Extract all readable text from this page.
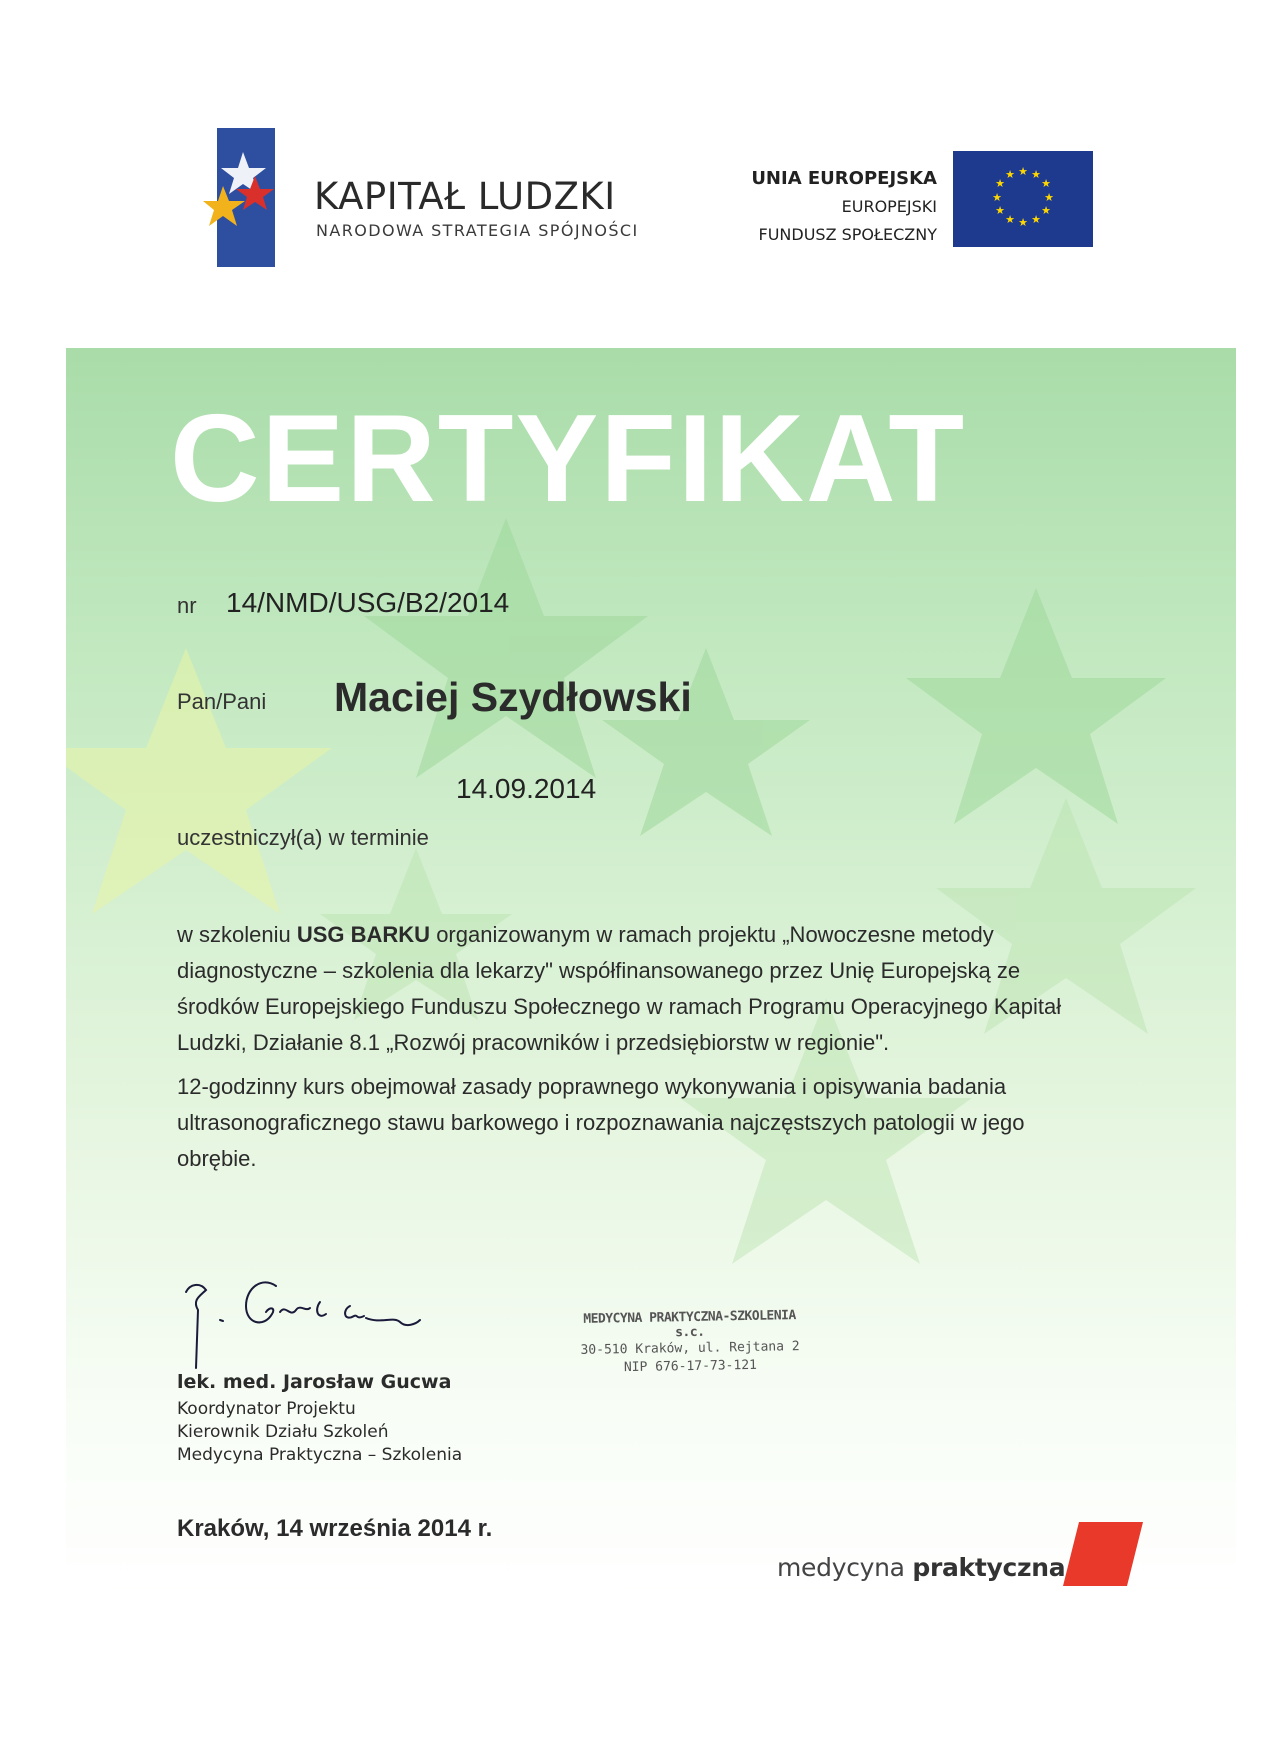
KAPITAŁ LUDZKI
NARODOWA STRATEGIA SPÓJNOŚCI
UNIA EUROPEJSKA
EUROPEJSKI
FUNDUSZ SPOŁECZNY
★ ★
★
★
★
★
★
★
★
★
★
★
CERTYFIKAT
nr 14/NMD/USG/B2/2014
Pan/Pani Maciej Szydłowski
14.09.2014
uczestniczył(a) w terminie

w szkoleniu USG BARKU organizowanym w ramach projektu „Nowoczesne metody diagnostyczne – szkolenia dla lekarzy" współfinansowanego przez Unię Europejską ze środków Europejskiego Funduszu Społecznego w ramach Programu Operacyjnego Kapitał Ludzki, Działanie 8.1 „Rozwój pracowników i przedsiębiorstw w regionie".

12-godzinny kurs obejmował zasady poprawnego wykonywania i opisywania badania ultrasonograficznego stawu barkowego i rozpoznawania najczęstszych patologii w jego obrębie.

lek. med. Jarosław Gucwa
Koordynator Projektu
Kierownik Działu Szkoleń
Medycyna Praktyczna – Szkolenia
MEDYCYNA PRAKTYCZNA-SZKOLENIA s.c.
30-510 Kraków, ul. Rejtana 2
NIP 676-17-73-121
Kraków, 14 września 2014 r.
medycyna praktyczna
